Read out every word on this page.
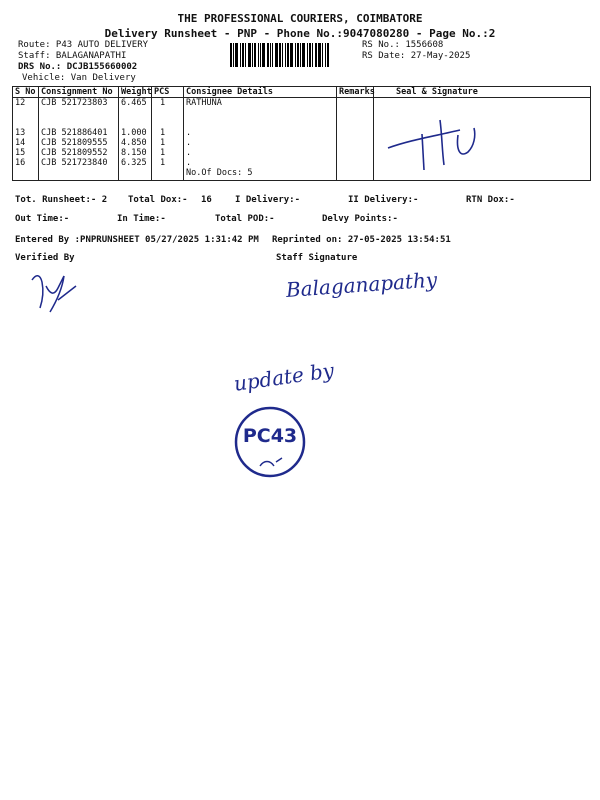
THE PROFESSIONAL COURIERS, COIMBATORE
Delivery Runsheet - PNP - Phone No.:9047080280 - Page No.:2
Route: P43 AUTO DELIVERY
Staff: BALAGANAPATHI
DRS No.: DCJB155660002
Vehicle: Van Delivery
RS No.: 1556608
RS Date: 27-May-2025
S No	Consignment No	Weight	PCS	Consignee Details	Remarks	Seal & Signature
12	CJB 521723803	6.465	1	RATHUNA		

13	CJB 521886401	1.000	1	.		
14	CJB 521809555	4.850	1	.		
15	CJB 521809552	8.150	1	.		
16	CJB 521723840	6.325	1	.		
				No.Of Docs: 5		

Tot. Runsheet:- 2 Total Dox:- 16	I Delivery:-	II Delivery:-	RTN Dox:-
Out Time:-	In Time:-	Total POD:-	Delvy Points:-
Entered By :PNPRUNSHEET 05/27/2025 1:31:42 PM Reprinted on: 27-05-2025 13:54:51
Verified By	Staff Signature
Balaganapathy
update by
PC43
